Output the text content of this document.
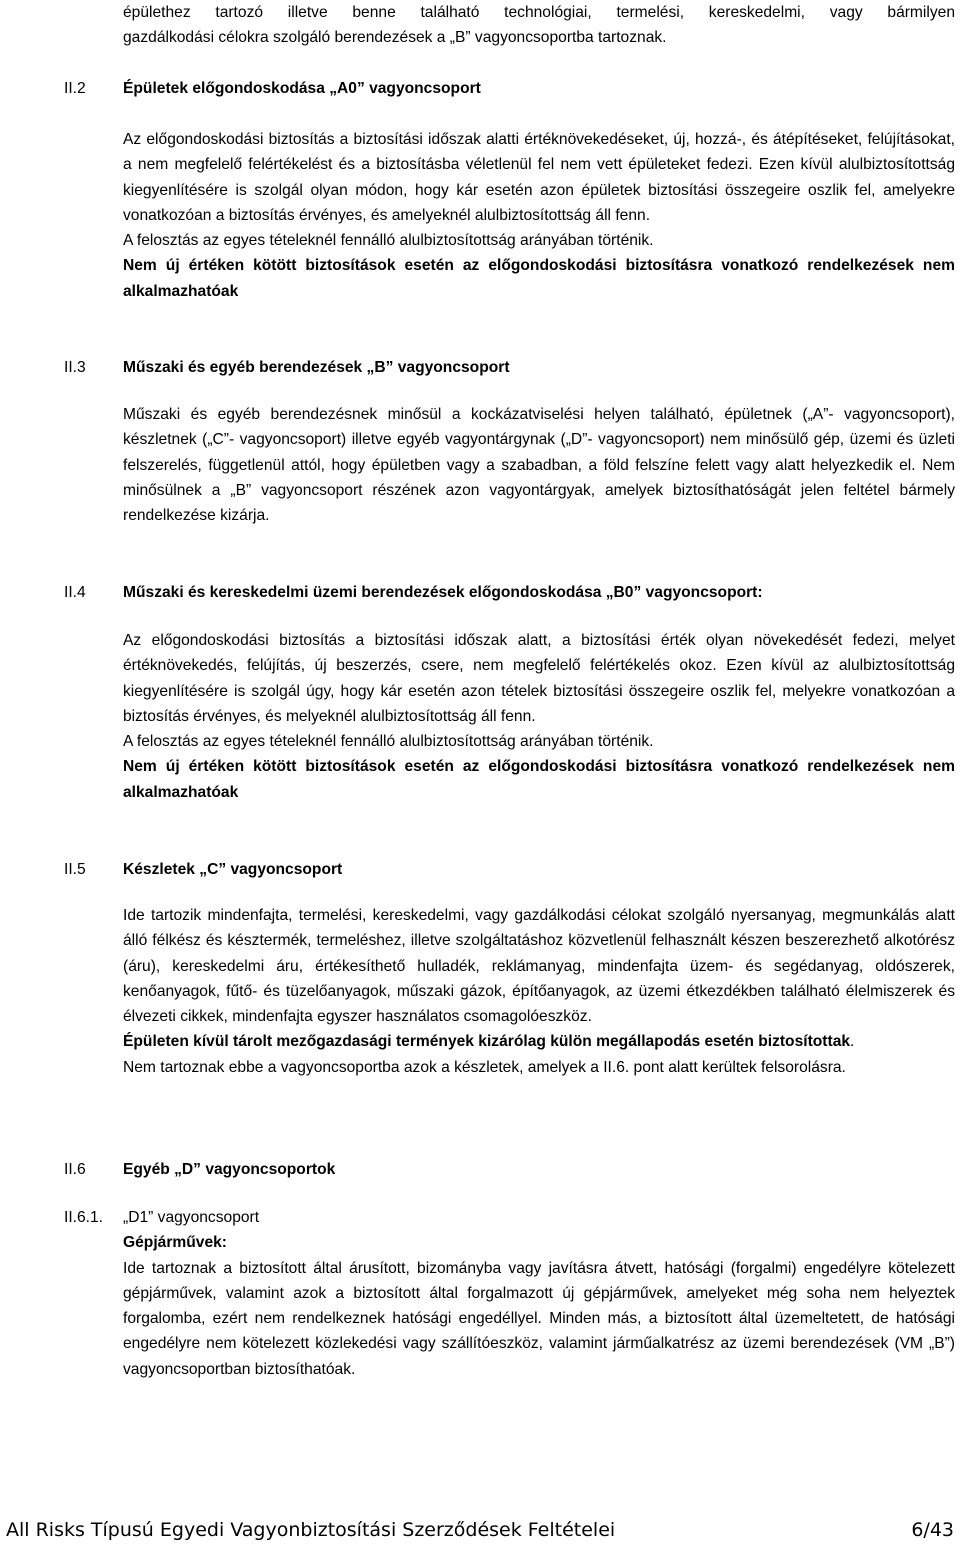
épülethez tartozó illetve benne található technológiai, termelési, kereskedelmi, vagy bármilyen

gazdálkodási célokra szolgáló berendezések a „B” vagyoncsoportba tartoznak.

II.2	Épületek előgondoskodása „A0” vagyoncsoport

Az előgondoskodási biztosítás a biztosítási időszak alatti értéknövekedéseket, új, hozzá-, és átépítéseket, felújításokat, a nem megfelelő felértékelést és a biztosításba véletlenül fel nem vett épületeket fedezi. Ezen kívül alulbiztosítottság kiegyenlítésére is szolgál olyan módon, hogy kár esetén azon épületek biztosítási összegeire oszlik fel, amelyekre vonatkozóan a biztosítás érvényes, és amelyeknél alulbiztosítottság áll fenn.

A felosztás az egyes tételeknél fennálló alulbiztosítottság arányában történik.

Nem új értéken kötött biztosítások esetén az előgondoskodási biztosításra vonatkozó rendelkezések nem alkalmazhatóak

II.3	Műszaki és egyéb berendezések „B” vagyoncsoport

Műszaki és egyéb berendezésnek minősül a kockázatviselési helyen található, épületnek („A”- vagyoncsoport), készletnek („C”- vagyoncsoport) illetve egyéb vagyontárgynak („D”- vagyoncsoport) nem minősülő gép, üzemi és üzleti felszerelés, függetlenül attól, hogy épületben vagy a szabadban, a föld felszíne felett vagy alatt helyezkedik el. Nem minősülnek a „B” vagyoncsoport részének azon vagyontárgyak, amelyek biztosíthatóságát jelen feltétel bármely rendelkezése kizárja.

II.4	Műszaki és kereskedelmi üzemi berendezések előgondoskodása „B0” vagyoncsoport:

Az előgondoskodási biztosítás a biztosítási időszak alatt, a biztosítási érték olyan növekedését fedezi, melyet értéknövekedés, felújítás, új beszerzés, csere, nem megfelelő felértékelés okoz. Ezen kívül az alulbiztosítottság kiegyenlítésére is szolgál úgy, hogy kár esetén azon tételek biztosítási összegeire oszlik fel, melyekre vonatkozóan a biztosítás érvényes, és melyeknél alulbiztosítottság áll fenn.

A felosztás az egyes tételeknél fennálló alulbiztosítottság arányában történik.

Nem új értéken kötött biztosítások esetén az előgondoskodási biztosításra vonatkozó rendelkezések nem alkalmazhatóak

II.5	Készletek „C” vagyoncsoport

Ide tartozik mindenfajta, termelési, kereskedelmi, vagy gazdálkodási célokat szolgáló nyersanyag, megmunkálás alatt álló félkész és késztermék, termeléshez, illetve szolgáltatáshoz közvetlenül felhasznált készen beszerezhető alkotórész (áru), kereskedelmi áru, értékesíthető hulladék, reklámanyag, mindenfajta üzem- és segédanyag, oldószerek, kenőanyagok, fűtő- és tüzelőanyagok, műszaki gázok, építőanyagok, az üzemi étkezdékben található élelmiszerek és élvezeti cikkek, mindenfajta egyszer használatos csomagolóeszköz.

Épületen kívül tárolt mezőgazdasági termények kizárólag külön megállapodás esetén biztosítottak.

Nem tartoznak ebbe a vagyoncsoportba azok a készletek, amelyek a II.6. pont alatt kerültek felsorolásra.

II.6	Egyéb „D” vagyoncsoportok
II.6.1.	„D1” vagyoncsoport

Gépjárművek:

Ide tartoznak a biztosított által árusított, bizományba vagy javításra átvett, hatósági (forgalmi) engedélyre kötelezett gépjárművek, valamint azok a biztosított által forgalmazott új gépjárművek, amelyeket még soha nem helyeztek forgalomba, ezért nem rendelkeznek hatósági engedéllyel. Minden más, a biztosított által üzemeltetett, de hatósági engedélyre nem kötelezett közlekedési vagy szállítóeszköz, valamint járműalkatrész az üzemi berendezések (VM „B”) vagyoncsoportban biztosíthatóak.

All Risks Típusú Egyedi Vagyonbiztosítási Szerződések Feltételei	6/43
